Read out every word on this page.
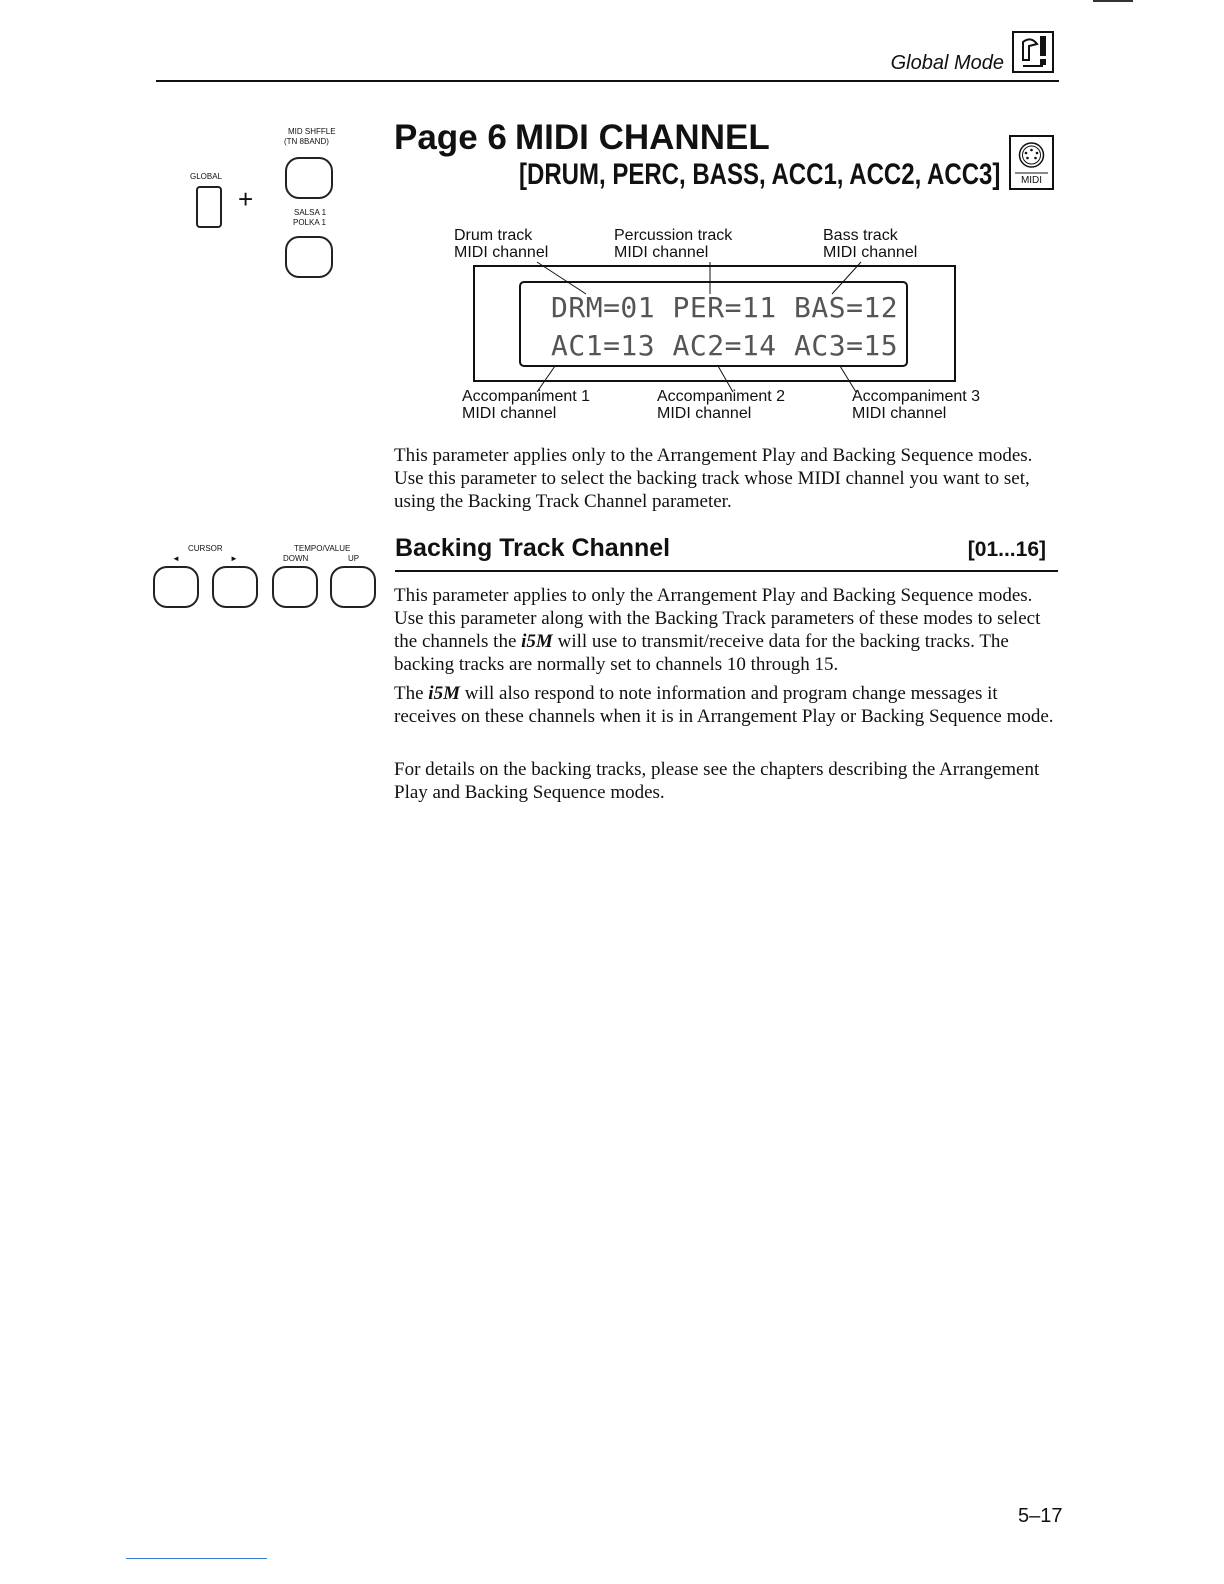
Global Mode
GLOBAL
+
MID SHFFLE
(TN 8BAND)
SALSA 1
POLKA 1
CURSOR
◄	►
TEMPO/VALUE
DOWN	UP
Page 6 MIDI CHANNEL
[DRUM, PERC, BASS, ACC1, ACC2, ACC3]	MIDI
Drum track
MIDI channel
Percussion track
MIDI channel
Bass track
MIDI channel
DRM=01 PER=11 BAS=12
AC1=13 AC2=14 AC3=15
Accompaniment 1
MIDI channel
Accompaniment 2
MIDI channel
Accompaniment 3
MIDI channel
This parameter applies only to the Arrangement Play and Backing Sequence modes. Use this parameter to select the backing track whose MIDI channel you want to set, using the Backing Track Channel parameter.
Backing Track Channel	[01...16]
This parameter applies to only the Arrangement Play and Backing Sequence modes. Use this parameter along with the Backing Track parameters of these modes to select the channels the i5M will use to transmit/receive data for the backing tracks. The backing tracks are normally set to channels 10 through 15.
The i5M will also respond to note information and program change messages it receives on these channels when it is in Arrangement Play or Backing Sequence mode.
For details on the backing tracks, please see the chapters describing the Arrangement Play and Backing Sequence modes.
5–17
